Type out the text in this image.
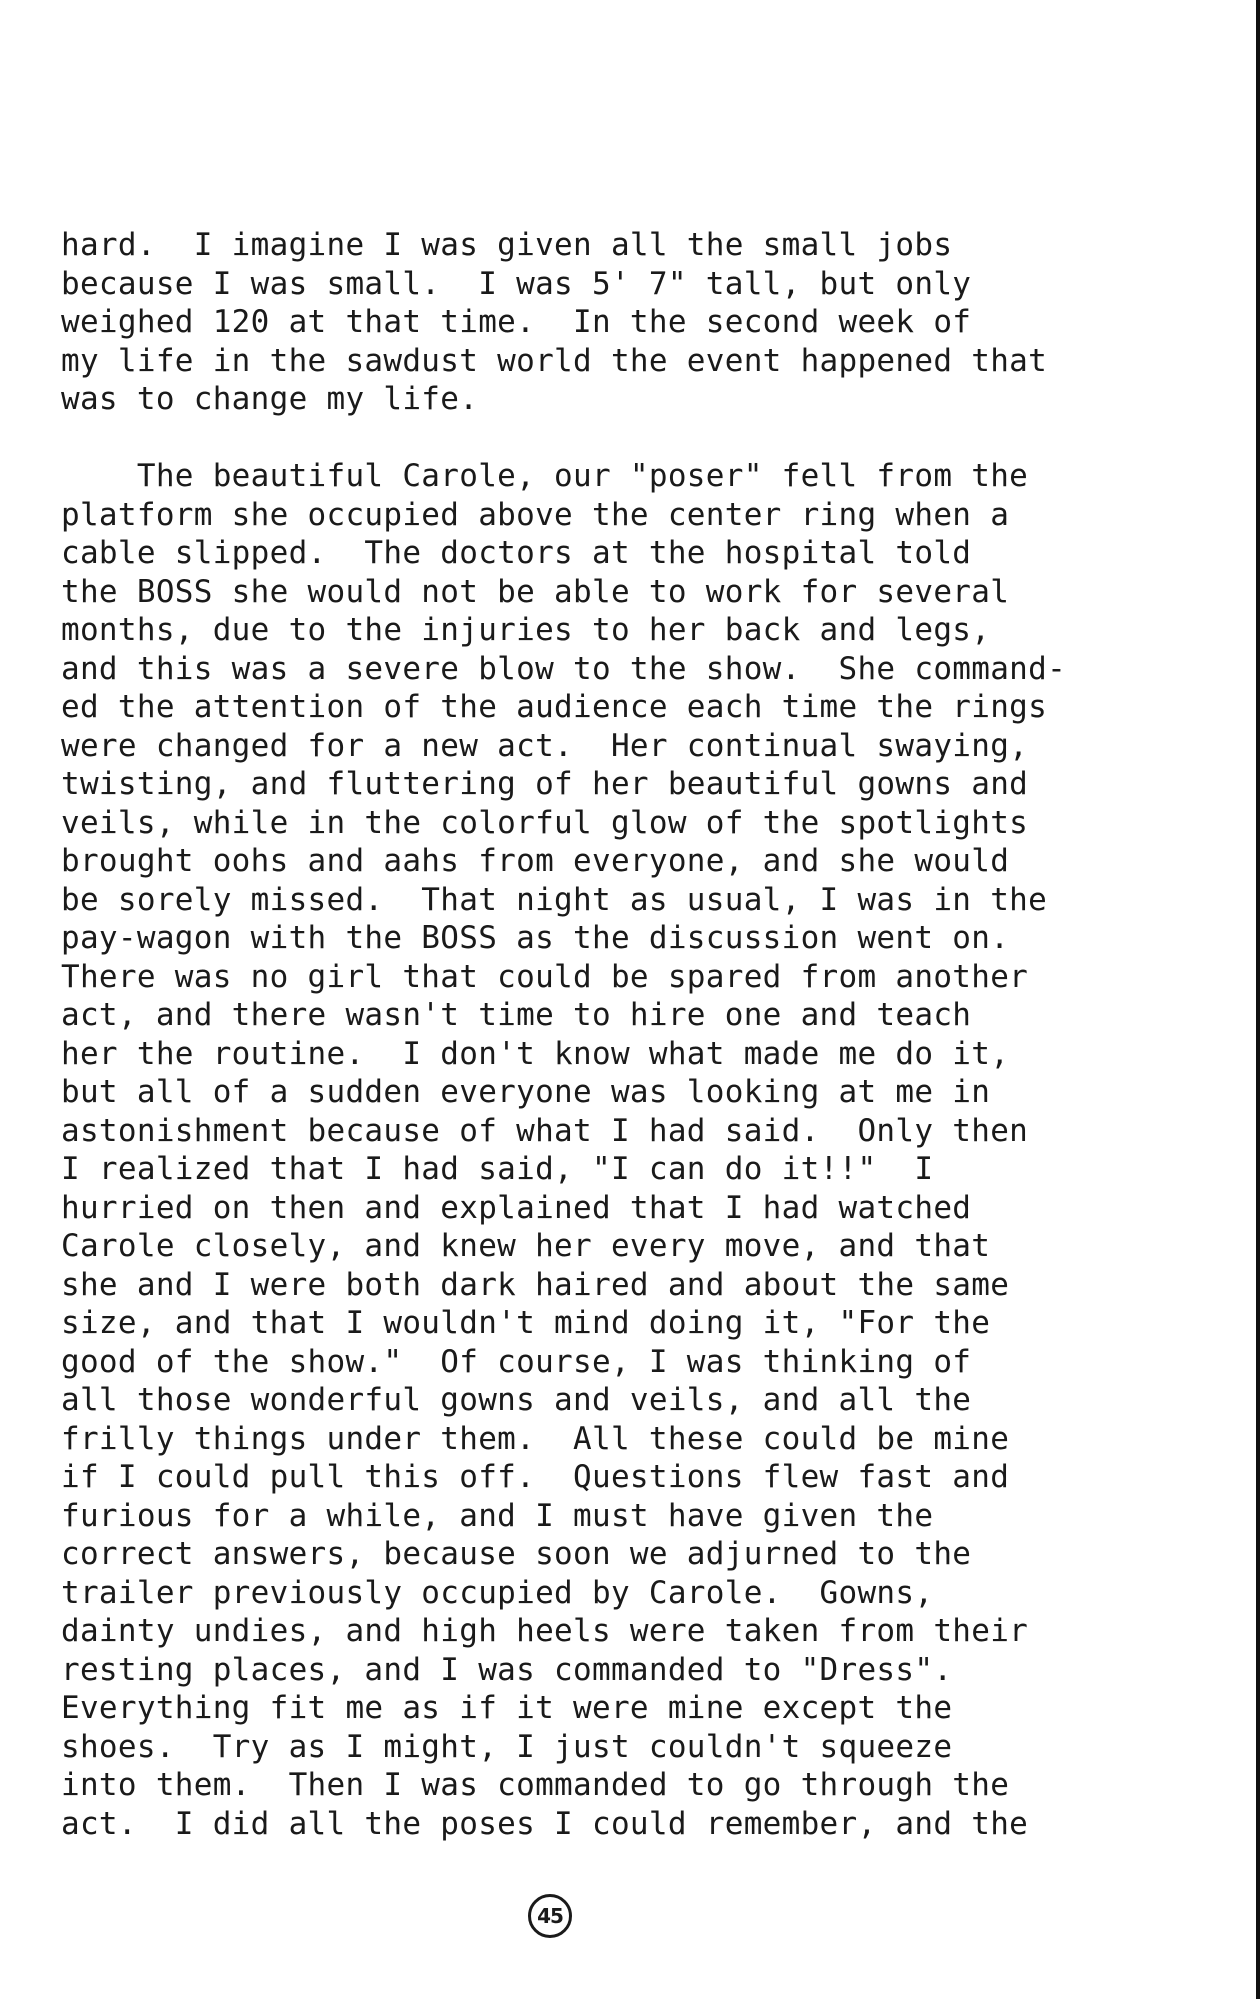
hard.  I imagine I was given all the small jobs
because I was small.  I was 5' 7" tall, but only
weighed 120 at that time.  In the second week of
my life in the sawdust world the event happened that
was to change my life.
The beautiful Carole, our "poser" fell from the
platform she occupied above the center ring when a
cable slipped.  The doctors at the hospital told
the BOSS she would not be able to work for several
months, due to the injuries to her back and legs,
and this was a severe blow to the show.  She command-
ed the attention of the audience each time the rings
were changed for a new act.  Her continual swaying,
twisting, and fluttering of her beautiful gowns and
veils, while in the colorful glow of the spotlights
brought oohs and aahs from everyone, and she would
be sorely missed.  That night as usual, I was in the
pay-wagon with the BOSS as the discussion went on.
There was no girl that could be spared from another
act, and there wasn't time to hire one and teach
her the routine.  I don't know what made me do it,
but all of a sudden everyone was looking at me in
astonishment because of what I had said.  Only then
I realized that I had said, "I can do it!!"  I
hurried on then and explained that I had watched
Carole closely, and knew her every move, and that
she and I were both dark haired and about the same
size, and that I wouldn't mind doing it, "For the
good of the show."  Of course, I was thinking of
all those wonderful gowns and veils, and all the
frilly things under them.  All these could be mine
if I could pull this off.  Questions flew fast and
furious for a while, and I must have given the
correct answers, because soon we adjurned to the
trailer previously occupied by Carole.  Gowns,
dainty undies, and high heels were taken from their
resting places, and I was commanded to "Dress".
Everything fit me as if it were mine except the
shoes.  Try as I might, I just couldn't squeeze
into them.  Then I was commanded to go through the
act.  I did all the poses I could remember, and the
45
